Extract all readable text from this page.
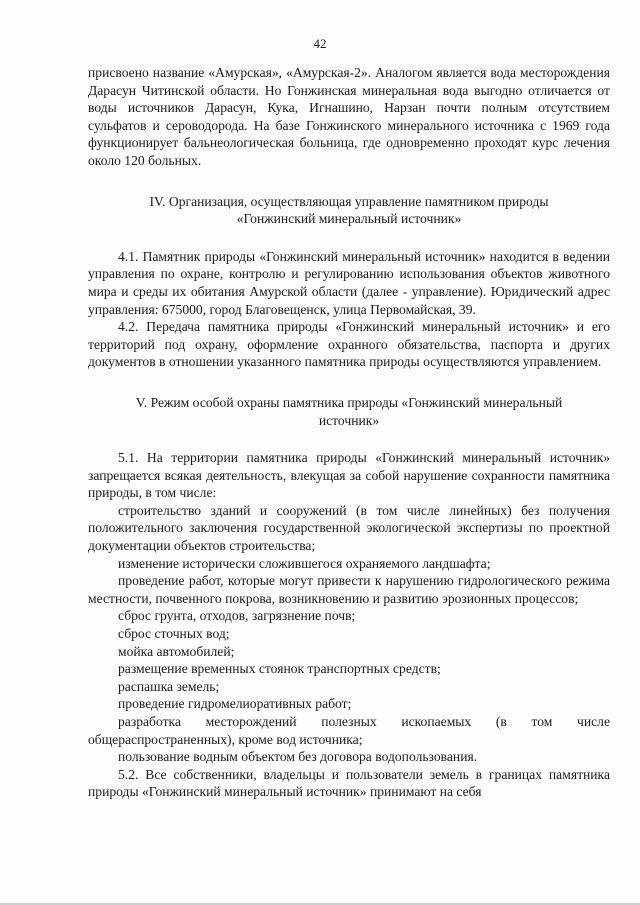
42

присвоено название «Амурская», «Амурская-2». Аналогом является вода месторождения Дарасун Читинской области. Но Гонжинская минеральная вода выгодно отличается от воды источников Дарасун, Кука, Игнашино, Нарзан почти полным отсутствием сульфатов и сероводорода. На базе Гонжинского минерального источника с 1969 года функционирует бальнеологическая больница, где одновременно проходят курс лечения около 120 больных.

IV. Организация, осуществляющая управление памятником природы
«Гонжинский минеральный источник»

4.1. Памятник природы «Гонжинский минеральный источник» находится в ведении управления по охране, контролю и регулированию использования объектов животного мира и среды их обитания Амурской области (далее - управление). Юридический адрес управления: 675000, город Благовещенск, улица Первомайская, 39.

4.2. Передача памятника природы «Гонжинский минеральный источник» и его территорий под охрану, оформление охранного обязательства, паспорта и других документов в отношении указанного памятника природы осуществляются управлением.

V. Режим особой охраны памятника природы «Гонжинский минеральный
источник»

5.1. На территории памятника природы «Гонжинский минеральный источник» запрещается всякая деятельность, влекущая за собой нарушение сохранности памятника природы, в том числе:

строительство зданий и сооружений (в том числе линейных) без получения положительного заключения государственной экологической экспертизы по проектной документации объектов строительства;

изменение исторически сложившегося охраняемого ландшафта;

проведение работ, которые могут привести к нарушению гидрологического режима местности, почвенного покрова, возникновению и развитию эрозионных процессов;

сброс грунта, отходов, загрязнение почв;

сброс сточных вод;

мойка автомобилей;

размещение временных стоянок транспортных средств;

распашка земель;

проведение гидромелиоративных работ;

разработка месторождений полезных ископаемых (в том числе общераспространенных), кроме вод источника;

пользование водным объектом без договора водопользования.

5.2. Все собственники, владельцы и пользователи земель в границах памятника природы «Гонжинский минеральный источник» принимают на себя
